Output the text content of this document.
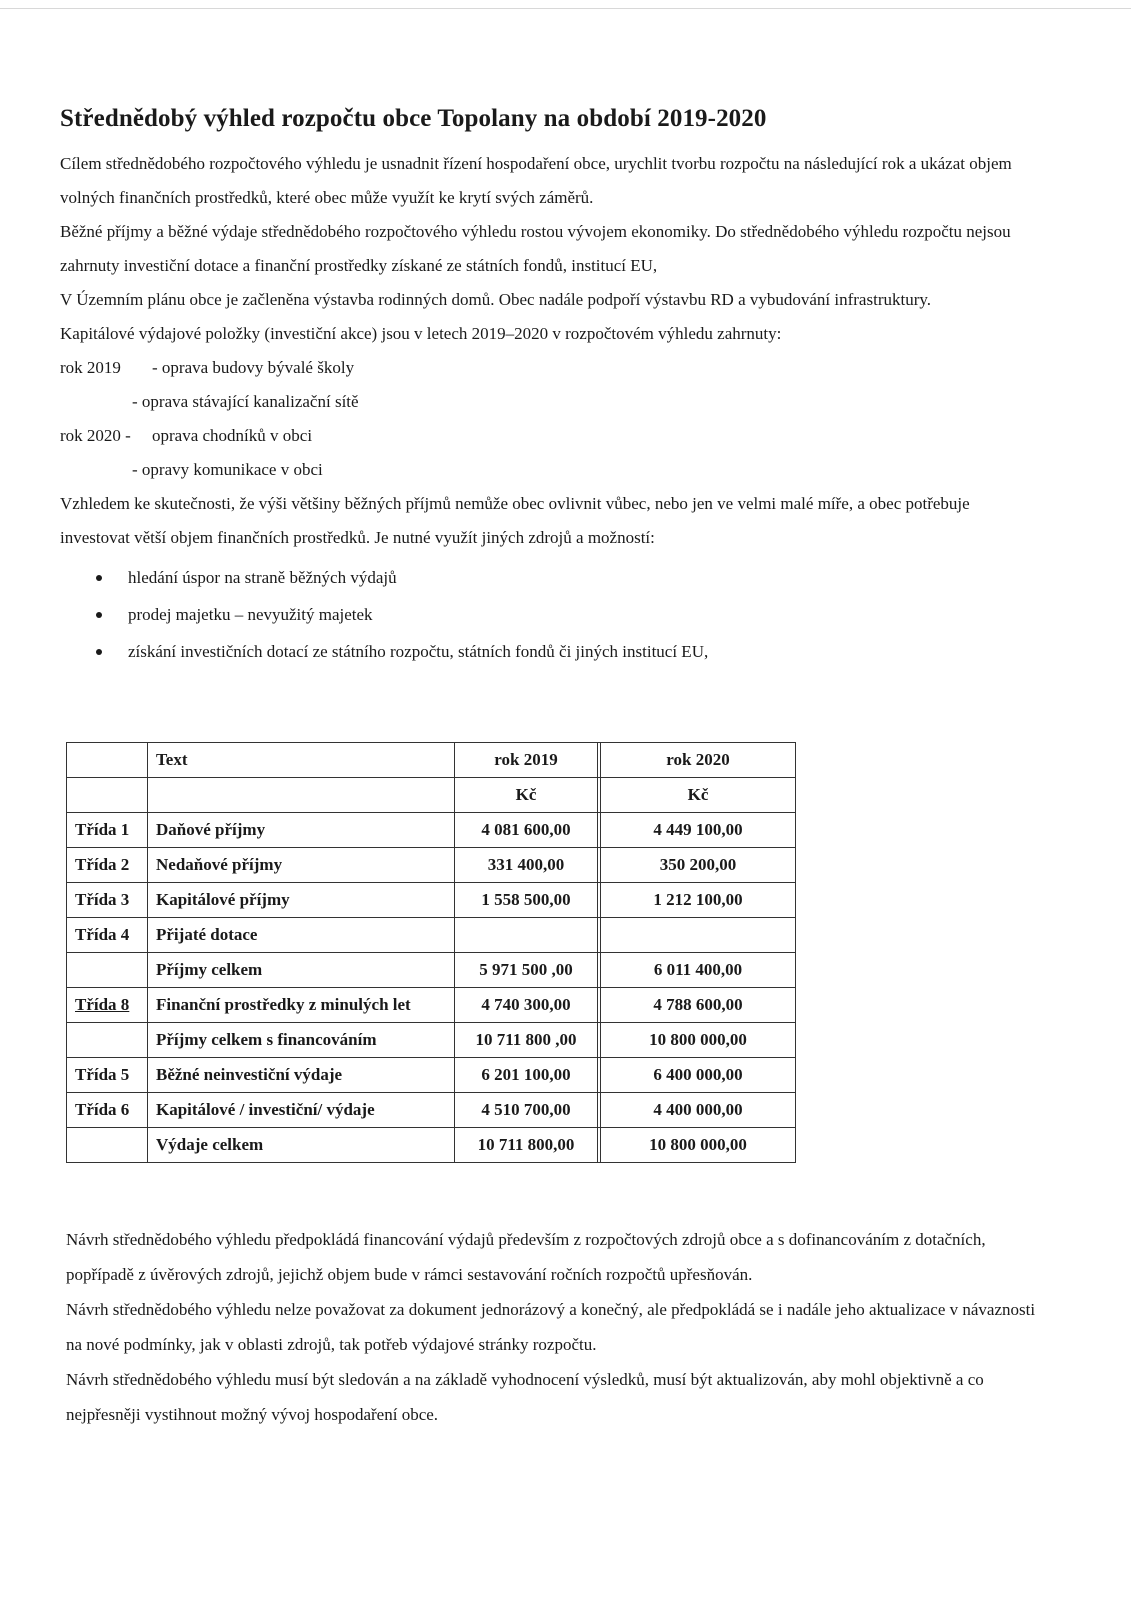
Střednědobý výhled rozpočtu obce Topolany na období 2019-2020

Cílem střednědobého rozpočtového výhledu je usnadnit řízení hospodaření obce, urychlit tvorbu rozpočtu na následující rok a ukázat objem volných finančních prostředků, které obec může využít ke krytí svých záměrů.

Běžné příjmy a běžné výdaje střednědobého rozpočtového výhledu rostou vývojem ekonomiky. Do střednědobého výhledu rozpočtu nejsou zahrnuty investiční dotace a finanční prostředky získané ze státních fondů, institucí EU,

V Územním plánu obce je začleněna výstavba rodinných domů. Obec nadále podpoří výstavbu RD a vybudování infrastruktury.

Kapitálové výdajové položky (investiční akce) jsou v letech 2019–2020 v rozpočtovém výhledu zahrnuty:

rok 2019 - oprava budovy bývalé školy
- oprava stávající kanalizační sítě
rok 2020 - oprava chodníků v obci
- opravy komunikace v obci

Vzhledem ke skutečnosti, že výši většiny běžných příjmů nemůže obec ovlivnit vůbec, nebo jen ve velmi malé míře, a obec potřebuje investovat větší objem finančních prostředků. Je nutné využít jiných zdrojů a možností:

hledání úspor na straně běžných výdajů
prodej majetku – nevyužitý majetek
získání investičních dotací ze státního rozpočtu, státních fondů či jiných institucí EU,
	Text	rok 2019		rok 2020
		Kč		Kč
Třída 1	Daňové příjmy	4 081 600,00		4 449 100,00
Třída 2	Nedaňové příjmy	331 400,00		350 200,00
Třída 3	Kapitálové příjmy	1 558 500,00		1 212 100,00
Třída 4	Přijaté dotace			
	Příjmy celkem	5 971 500 ,00		6 011 400,00
Třída 8	Finanční prostředky z minulých let	4 740 300,00		4 788 600,00
	Příjmy celkem s financováním	10 711 800 ,00		10 800 000,00
Třída 5	Běžné neinvestiční výdaje	6 201 100,00		6 400 000,00
Třída 6	Kapitálové / investiční/ výdaje	4 510 700,00		4 400 000,00
	Výdaje celkem	10 711 800,00		10 800 000,00

Návrh střednědobého výhledu předpokládá financování výdajů především z rozpočtových zdrojů obce a s dofinancováním z dotačních, popřípadě z úvěrových zdrojů, jejichž objem bude v rámci sestavování ročních rozpočtů upřesňován.

Návrh střednědobého výhledu nelze považovat za dokument jednorázový a konečný, ale předpokládá se i nadále jeho aktualizace v návaznosti na nové podmínky, jak v oblasti zdrojů, tak potřeb výdajové stránky rozpočtu.

Návrh střednědobého výhledu musí být sledován a na základě vyhodnocení výsledků, musí být aktualizován, aby mohl objektivně a co nejpřesněji vystihnout možný vývoj hospodaření obce.
